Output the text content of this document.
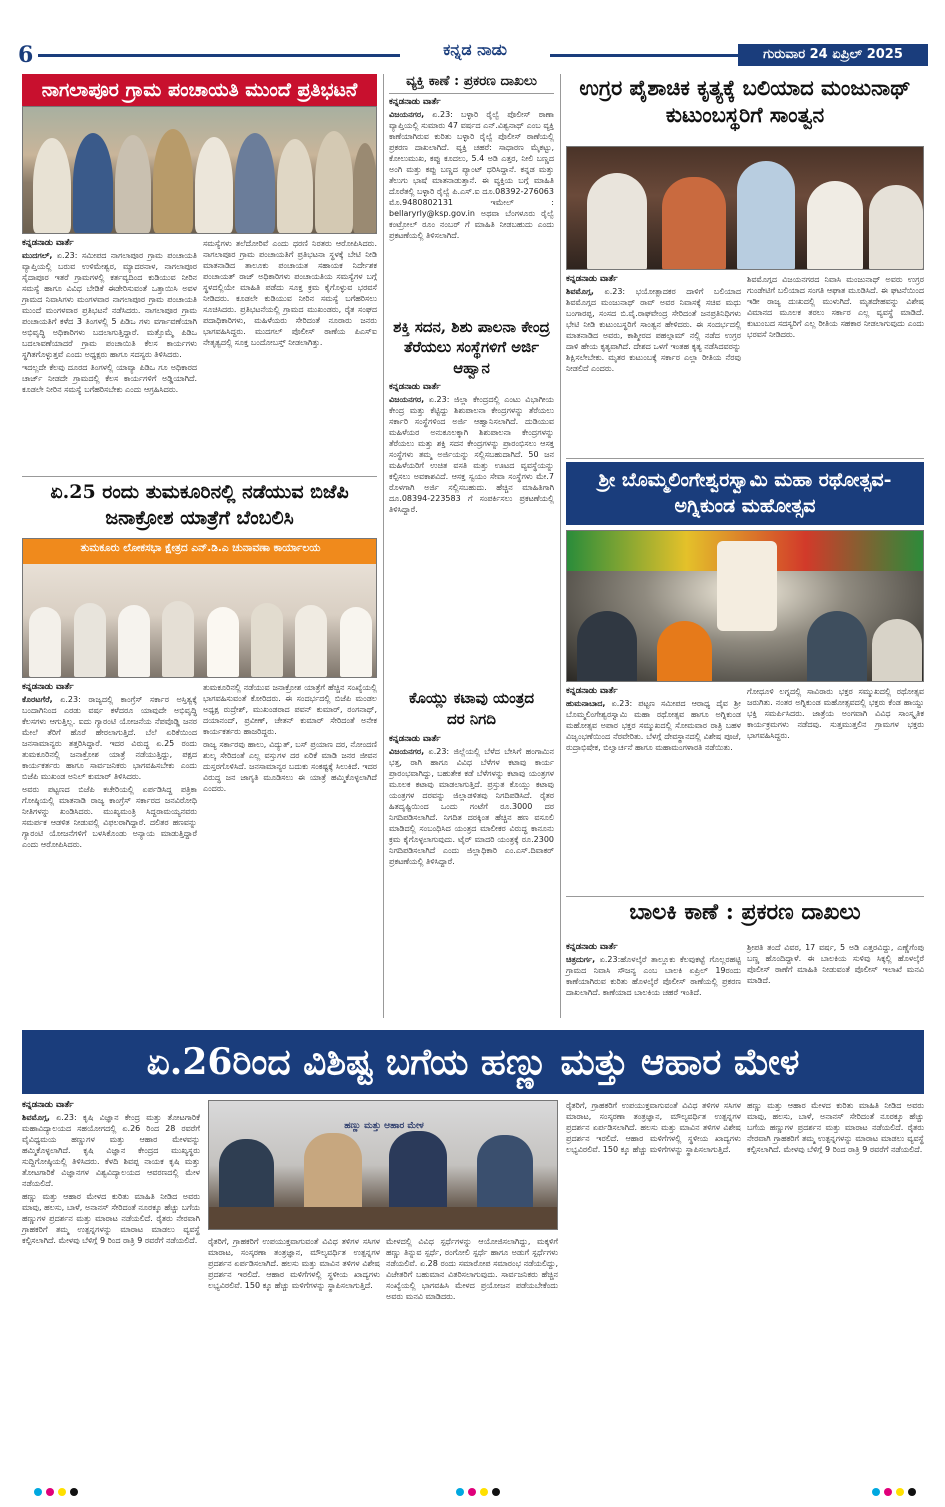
6	ಕನ್ನಡ ನಾಡು	ಗುರುವಾರ 24 ಏಪ್ರಿಲ್ 2025
ನಾಗಲಾಪೂರ ಗ್ರಾಮ ಪಂಚಾಯತಿ ಮುಂದೆ ಪ್ರತಿಭಟನೆ
ಕನ್ನಡನಾಡು ವಾರ್ತೆ
ಮುದಗಲ್, ಏ.23: ಸಮೀಪದ ನಾಗಲಾಪೂರ ಗ್ರಾಮ ಪಂಚಾಯತಿ ವ್ಯಾಪ್ತಿಯಲ್ಲಿ ಬರುವ ಉಳಿಮೇಶ್ವರ, ಮ್ಯಾದರನಾಳ, ನಾಗಲಾಪೂರ ಸೈದಾಪೂರ ಇತರೆ ಗ್ರಾಮಗಳಲ್ಲಿ ಕರ್ತವ್ಯದಿಂದ ಕುಡಿಯುವ ನೀರಿನ ಸಮಸ್ಯೆ ಹಾಗೂ ವಿವಿಧ ಬೇಡಿಕೆ ಈಡೇರಿಸುವಂತೆ ಒತ್ತಾಯಿಸಿ ಅವಳ ಗ್ರಾಮದ ನಿವಾಸಿಗಳು ಮಂಗಳವಾರ ನಾಗಲಾಪೂರ ಗ್ರಾಮ ಪಂಚಾಯತಿ ಮುಂದೆ ಮಂಗಳವಾರ ಪ್ರತಿಭಟನೆ ನಡೆಸಿದರು. ನಾಗಲಾಪೂರ ಗ್ರಾಮ ಪಂಚಾಯತಿಗೆ ಕಳೆದ 3 ತಿಂಗಳಲ್ಲಿ 5 ಪಿಡಿಒ ಗಳು ವರ್ಗಾವಣೆಯಾಗಿ ಅಭಿವೃದ್ಧಿ ಅಧಿಕಾರಿಗಳು ಬದಲಾಗುತ್ತಿದ್ದಾರೆ. ಮತ್ತೊಮ್ಮೆ ಪಿಡಿಒ ಬದಲಾವಣೆಯಾದರೆ ಗ್ರಾಮ ಪಂಚಾಯಿತಿ ಕೆಲಸ ಕಾರ್ಯಗಳು ಸ್ಥಗಿತಗೊಳ್ಳುತ್ತವೆ ಎಂದು ಅಧ್ಯಕ್ಷರು ಹಾಗೂ ಸದಸ್ಯರು ತಿಳಿಸಿದರು.
ಇದಲ್ಲದೇ ಕೆಲವು ದೂರದ ತಿಂಗಳಲ್ಲಿ ಯಾವ್ಯಾ ಪಿಡಿಒ ಗೂ ಅಧಿಕಾರದ ಚಾರ್ಜ್ ನೀಡದೇ ಗ್ರಾಮದಲ್ಲಿ ಕೆಲಸ ಕಾರ್ಯಗಳಿಗೆ ಅಡ್ಡಿಯಾಗಿದೆ. ಕೂಡಲೇ ನೀರಿನ ಸಮಸ್ಯೆ ಬಗೆಹರಿಸಬೇಕು ಎಂದು ಆಗ್ರಹಿಸಿದರು.
ಸಮಸ್ಯೆಗಳು ತಲೆದೋರಿವೆ ಎಂದು ಧರಣಿ ನಿರತರು ಆರೋಪಿಸಿದರು. ನಾಗಲಾಪೂರ ಗ್ರಾಮ ಪಂಚಾಯತಿಗೆ ಪ್ರತಿಭಟನಾ ಸ್ಥಳಕ್ಕೆ ಬೇಟಿ ನೀಡಿ ಮಾತನಾಡಿದ ತಾಲೂಕು ಪಂಚಾಯತ ಸಹಾಯಕ ನಿರ್ದೇಶಕ ಪಂಚಾಯತ್ ರಾಜ್ ಅಧಿಕಾರಿಗಳು ಪಂಚಾಯತಿಯ ಸಮಸ್ಯೆಗಳ ಬಗ್ಗೆ ಸ್ಥಳದಲ್ಲಿಯೇ ಮಾಹಿತಿ ಪಡೆದು ಸೂಕ್ತ ಕ್ರಮ ಕೈಗೊಳ್ಳುವ ಭರವಸೆ ನೀಡಿದರು. ಕೂಡಲೇ ಕುಡಿಯುವ ನೀರಿನ ಸಮಸ್ಯೆ ಬಗೆಹರಿಸಲು ಸೂಚಿಸಿದರು. ಪ್ರತಿಭಟನೆಯಲ್ಲಿ ಗ್ರಾಮದ ಮುಖಂಡರು, ರೈತ ಸಂಘದ ಪದಾಧಿಕಾರಿಗಳು, ಮಹಿಳೆಯರು ಸೇರಿದಂತೆ ನೂರಾರು ಜನರು ಭಾಗವಹಿಸಿದ್ದರು. ಮುದಗಲ್ ಪೊಲೀಸ್ ಠಾಣೆಯ ಪಿಎಸ್ಐ ನೇತೃತ್ವದಲ್ಲಿ ಸೂಕ್ತ ಬಂದೋಬಸ್ತ್ ನೀಡಲಾಗಿತ್ತು.
ವ್ಯಕ್ತಿ ಕಾಣೆ : ಪ್ರಕರಣ ದಾಖಲು
ಕನ್ನಡನಾಡು ವಾರ್ತೆ
ವಿಜಯನಗರ, ಏ.23: ಬಳ್ಳಾರಿ ರೈಲ್ವೆ ಪೊಲೀಸ್ ಠಾಣಾ ವ್ಯಾಪ್ತಿಯಲ್ಲಿ ಸುಮಾರು 47 ವರ್ಷದ ಎನ್.ವಿಶ್ವನಾಥ್ ಎಂಬ ವ್ಯಕ್ತಿ ಕಾಣೆಯಾಗಿರುವ ಕುರಿತು ಬಳ್ಳಾರಿ ರೈಲ್ವೆ ಪೊಲೀಸ್ ಠಾಣೆಯಲ್ಲಿ ಪ್ರಕರಣ ದಾಖಲಾಗಿದೆ. ವ್ಯಕ್ತಿ ಚಹರೆ: ಸಾಧಾರಣ ಮೈಕಟ್ಟು, ಕೋಲುಮುಖ, ಕಪ್ಪು ಕೂದಲು, 5.4 ಅಡಿ ಎತ್ತರ, ನೀಲಿ ಬಣ್ಣದ ಅಂಗಿ ಮತ್ತು ಕಪ್ಪು ಬಣ್ಣದ ಪ್ಯಾಂಟ್ ಧರಿಸಿದ್ದಾನೆ. ಕನ್ನಡ ಮತ್ತು ತೆಲುಗು ಭಾಷೆ ಮಾತನಾಡುತ್ತಾನೆ. ಈ ವ್ಯಕ್ತಿಯ ಬಗ್ಗೆ ಮಾಹಿತಿ ದೊರೆತಲ್ಲಿ ಬಳ್ಳಾರಿ ರೈಲ್ವೆ ಪಿ.ಎಸ್.ಐ ದೂ.08392-276063 ಮೊ.9480802131 ಇಮೇಲ್ : bellaryrly@ksp.gov.in ಅಥವಾ ಬೆಂಗಳೂರು ರೈಲ್ವೆ ಕಂಟ್ರೋಲ್ ರೂಂ ನಂಬರ್ ಗೆ ಮಾಹಿತಿ ನೀಡಬಹುದು ಎಂದು ಪ್ರಕಟಣೆಯಲ್ಲಿ ತಿಳಿಸಲಾಗಿದೆ.
ಶಕ್ತಿ ಸದನ, ಶಿಶು ಪಾಲನಾ ಕೇಂದ್ರ ತೆರೆಯಲು ಸಂಸ್ಥೆಗಳಿಗೆ ಅರ್ಜಿ ಆಹ್ವಾನ
ಕನ್ನಡನಾಡು ವಾರ್ತೆ
ವಿಜಯನಗರ, ಏ.23: ಜಿಲ್ಲಾ ಕೇಂದ್ರದಲ್ಲಿ ಎಂಟು ವಿಭಾಗೀಯ ಕೇಂದ್ರ ಮತ್ತು ಕೆಟ್ಟಿದ್ದು ಶಿಶುಪಾಲನಾ ಕೇಂದ್ರಗಳನ್ನು ತೆರೆಯಲು ಸರ್ಕಾರಿ ಸಂಸ್ಥೆಗಳಿಂದ ಅರ್ಜಿ ಆಹ್ವಾನಿಸಲಾಗಿದೆ. ದುಡಿಯುವ ಮಹಿಳೆಯರ ಅನುಕೂಲಕ್ಕಾಗಿ ಶಿಶುಪಾಲನಾ ಕೇಂದ್ರಗಳನ್ನು ತೆರೆಯಲು ಮತ್ತು ಶಕ್ತಿ ಸದನ ಕೇಂದ್ರಗಳನ್ನು ಪ್ರಾರಂಭಿಸಲು ಆಸಕ್ತ ಸಂಸ್ಥೆಗಳು ತಮ್ಮ ಅರ್ಜಿಯನ್ನು ಸಲ್ಲಿಸಬಹುದಾಗಿದೆ. 50 ಜನ ಮಹಿಳೆಯರಿಗೆ ಉಚಿತ ವಸತಿ ಮತ್ತು ಊಟದ ವ್ಯವಸ್ಥೆಯನ್ನು ಕಲ್ಪಿಸಲು ಅವಕಾಶವಿದೆ. ಆಸಕ್ತ ಸ್ವಯಂ ಸೇವಾ ಸಂಸ್ಥೆಗಳು ಮೇ.7 ರೊಳಗಾಗಿ ಅರ್ಜಿ ಸಲ್ಲಿಸಬಹುದು. ಹೆಚ್ಚಿನ ಮಾಹಿತಿಗಾಗಿ ದೂ.08394-223583 ಗೆ ಸಂಪರ್ಕಿಸಲು ಪ್ರಕಟಣೆಯಲ್ಲಿ ತಿಳಿಸಿದ್ದಾರೆ.
ಕೊಯ್ಲು ಕಟಾವು ಯಂತ್ರದ ದರ ನಿಗದಿ
ಕನ್ನಡನಾಡು ವಾರ್ತೆ
ವಿಜಯನಗರ, ಏ.23: ಜಿಲ್ಲೆಯಲ್ಲಿ ಬೆಳೆದ ಬೇಸಿಗೆ ಹಂಗಾಮಿನ ಭತ್ತ, ರಾಗಿ ಹಾಗೂ ವಿವಿಧ ಬೆಳೆಗಳ ಕಟಾವು ಕಾರ್ಯ ಪ್ರಾರಂಭವಾಗಿದ್ದು, ಬಹುತೇಕ ಕಡೆ ಬೆಳೆಗಳನ್ನು ಕಟಾವು ಯಂತ್ರಗಳ ಮೂಲಕ ಕಟಾವು ಮಾಡಲಾಗುತ್ತಿದೆ. ಪ್ರಸ್ತುತ ಕೊಯ್ಲು ಕಟಾವು ಯಂತ್ರಗಳ ದರವನ್ನು ಜಿಲ್ಲಾಡಳಿತವು ನಿಗದಿಪಡಿಸಿದೆ. ರೈತರ ಹಿತದೃಷ್ಟಿಯಿಂದ ಒಂದು ಗಂಟೆಗೆ ರೂ.3000 ದರ ನಿಗದಿಪಡಿಸಲಾಗಿದೆ. ನಿಗದಿತ ದರಕ್ಕಿಂತ ಹೆಚ್ಚಿನ ಹಣ ವಸೂಲಿ ಮಾಡಿದಲ್ಲಿ ಸಂಬಂಧಿಸಿದ ಯಂತ್ರದ ಮಾಲೀಕರ ವಿರುದ್ಧ ಕಾನೂನು ಕ್ರಮ ಕೈಗೊಳ್ಳಲಾಗುವುದು. ಟೈರ್ ಮಾದರಿ ಯಂತ್ರಕ್ಕೆ ರೂ.2300 ನಿಗದಿಪಡಿಸಲಾಗಿದೆ ಎಂದು ಜಿಲ್ಲಾಧಿಕಾರಿ ಎಂ.ಎಸ್.ದಿವಾಕರ್ ಪ್ರಕಟಣೆಯಲ್ಲಿ ತಿಳಿಸಿದ್ದಾರೆ.
ಉಗ್ರರ ಪೈಶಾಚಿಕ ಕೃತ್ಯಕ್ಕೆ ಬಲಿಯಾದ ಮಂಜುನಾಥ್ ಕುಟುಂಬಸ್ಥರಿಗೆ ಸಾಂತ್ವನ
ಕನ್ನಡನಾಡು ವಾರ್ತೆ
ಶಿವಮೊಗ್ಗ, ಏ.23: ಭಯೋತ್ಪಾದಕರ ದಾಳಿಗೆ ಬಲಿಯಾದ ಶಿವಮೊಗ್ಗದ ಮಂಜುನಾಥ್ ರಾವ್ ಅವರ ನಿವಾಸಕ್ಕೆ ಸಚಿವ ಮಧು ಬಂಗಾರಪ್ಪ, ಸಂಸದ ಬಿ.ವೈ.ರಾಘವೇಂದ್ರ ಸೇರಿದಂತೆ ಜನಪ್ರತಿನಿಧಿಗಳು ಭೇಟಿ ನೀಡಿ ಕುಟುಂಬಸ್ಥರಿಗೆ ಸಾಂತ್ವನ ಹೇಳಿದರು. ಈ ಸಂದರ್ಭದಲ್ಲಿ ಮಾತನಾಡಿದ ಅವರು, ಕಾಶ್ಮೀರದ ಪಹಲ್ಗಾಮ್ ನಲ್ಲಿ ನಡೆದ ಉಗ್ರರ ದಾಳಿ ಹೇಯ ಕೃತ್ಯವಾಗಿದೆ. ದೇಶದ ಒಳಗೆ ಇಂತಹ ಕೃತ್ಯ ನಡೆಸಿದವರನ್ನು ಶಿಕ್ಷಿಸಲೇಬೇಕು. ಮೃತರ ಕುಟುಂಬಕ್ಕೆ ಸರ್ಕಾರ ಎಲ್ಲಾ ರೀತಿಯ ನೆರವು ನೀಡಲಿದೆ ಎಂದರು.
ಶಿವಮೊಗ್ಗದ ವಿಜಯನಗರದ ನಿವಾಸಿ ಮಂಜುನಾಥ್ ಅವರು ಉಗ್ರರ ಗುಂಡೇಟಿಗೆ ಬಲಿಯಾದ ಸಂಗತಿ ಆಘಾತ ಮೂಡಿಸಿದೆ. ಈ ಘಟನೆಯಿಂದ ಇಡೀ ರಾಜ್ಯ ದುಃಖದಲ್ಲಿ ಮುಳುಗಿದೆ. ಮೃತದೇಹವನ್ನು ವಿಶೇಷ ವಿಮಾನದ ಮೂಲಕ ತರಲು ಸರ್ಕಾರ ಎಲ್ಲ ವ್ಯವಸ್ಥೆ ಮಾಡಿದೆ. ಕುಟುಂಬದ ಸದಸ್ಯರಿಗೆ ಎಲ್ಲ ರೀತಿಯ ಸಹಕಾರ ನೀಡಲಾಗುವುದು ಎಂದು ಭರವಸೆ ನೀಡಿದರು.
ಶ್ರೀ ಬೊಮ್ಮಲಿಂಗೇಶ್ವರಸ್ವಾಮಿ ಮಹಾ ರಥೋತ್ಸವ-ಅಗ್ನಿಕುಂಡ ಮಹೋತ್ಸವ
ಕನ್ನಡನಾಡು ವಾರ್ತೆ
ಹುಮನಾಬಾದ, ಏ.23: ಪಟ್ಟಣ ಸಮೀಪದ ಆರಾಧ್ಯ ದೈವ ಶ್ರೀ ಬೊಮ್ಮಲಿಂಗೇಶ್ವರಸ್ವಾಮಿ ಮಹಾ ರಥೋತ್ಸವ ಹಾಗೂ ಅಗ್ನಿಕುಂಡ ಮಹೋತ್ಸವ ಅಪಾರ ಭಕ್ತರ ಸಮ್ಮುಖದಲ್ಲಿ ಸೋಮವಾರ ರಾತ್ರಿ ಬಹಳ ವಿಜೃಂಭಣೆಯಿಂದ ನೆರವೇರಿತು. ಬೆಳಗ್ಗೆ ದೇವಸ್ಥಾನದಲ್ಲಿ ವಿಶೇಷ ಪೂಜೆ, ರುದ್ರಾಭಿಷೇಕ, ಬಿಲ್ವಾರ್ಚನೆ ಹಾಗೂ ಮಹಾಮಂಗಳಾರತಿ ನಡೆಯಿತು.
ಗೋಧೂಳಿ ಲಗ್ನದಲ್ಲಿ ಸಾವಿರಾರು ಭಕ್ತರ ಸಮ್ಮುಖದಲ್ಲಿ ರಥೋತ್ಸವ ಜರುಗಿತು. ನಂತರ ಅಗ್ನಿಕುಂಡ ಮಹೋತ್ಸವದಲ್ಲಿ ಭಕ್ತರು ಕೆಂಡ ಹಾಯ್ದು ಭಕ್ತಿ ಸಮರ್ಪಿಸಿದರು. ಜಾತ್ರೆಯ ಅಂಗವಾಗಿ ವಿವಿಧ ಸಾಂಸ್ಕೃತಿಕ ಕಾರ್ಯಕ್ರಮಗಳು ನಡೆದವು. ಸುತ್ತಮುತ್ತಲಿನ ಗ್ರಾಮಗಳ ಭಕ್ತರು ಭಾಗವಹಿಸಿದ್ದರು.
ಬಾಲಕಿ ಕಾಣೆ : ಪ್ರಕರಣ ದಾಖಲು
ಕನ್ನಡನಾಡು ವಾರ್ತೆ
ಚಿತ್ರದುರ್ಗ, ಏ.23:ಹೊಳಲ್ಕೆರೆ ತಾಲ್ಲೂಕು ಕೆಲವುಕಟ್ಟೆ ಗೊಲ್ಲರಹಟ್ಟಿ ಗ್ರಾಮದ ನಿವಾಸಿ ಸೌಜನ್ಯ ಎಂಬ ಬಾಲಕಿ ಏಪ್ರಿಲ್ 19ರಂದು ಕಾಣೆಯಾಗಿರುವ ಕುರಿತು ಹೊಳಲ್ಕೆರೆ ಪೊಲೀಸ್ ಠಾಣೆಯಲ್ಲಿ ಪ್ರಕರಣ ದಾಖಲಾಗಿದೆ. ಕಾಣೆಯಾದ ಬಾಲಕಿಯ ಚಹರೆ ಇಂತಿದೆ.
ಶ್ರೀಪತಿ ತಂದೆ ವಿವರ, 17 ವರ್ಷ, 5 ಅಡಿ ಎತ್ತರವಿದ್ದು, ಎಣ್ಣೆಗೆಂಪು ಬಣ್ಣ ಹೊಂದಿದ್ದಾಳೆ. ಈ ಬಾಲಕಿಯ ಸುಳಿವು ಸಿಕ್ಕಲ್ಲಿ ಹೊಳಲ್ಕೆರೆ ಪೊಲೀಸ್ ಠಾಣೆಗೆ ಮಾಹಿತಿ ನೀಡುವಂತೆ ಪೊಲೀಸ್ ಇಲಾಖೆ ಮನವಿ ಮಾಡಿದೆ.
ಏ.25 ರಂದು ತುಮಕೂರಿನಲ್ಲಿ ನಡೆಯುವ ಬಿಜೆಪಿ ಜನಾಕ್ರೋಶ ಯಾತ್ರೆಗೆ ಬೆಂಬಲಿಸಿ
ತುಮಕೂರು ಲೋಕಸಭಾ ಕ್ಷೇತ್ರದ ಎನ್.ಡಿ.ಎ ಚುನಾವಣಾ ಕಾರ್ಯಾಲಯ
ಕನ್ನಡನಾಡು ವಾರ್ತೆ
ಕೊರಟಗೆರೆ, ಏ.23: ರಾಜ್ಯದಲ್ಲಿ ಕಾಂಗ್ರೆಸ್ ಸರ್ಕಾರ ಅಸ್ತಿತ್ವಕ್ಕೆ ಬಂದಾಗಿನಿಂದ ಎರಡು ವರ್ಷ ಕಳೆದರೂ ಯಾವುದೇ ಅಭಿವೃದ್ಧಿ ಕೆಲಸಗಳು ಆಗುತ್ತಿಲ್ಲ. ಐದು ಗ್ಯಾರಂಟಿ ಯೋಜನೆಯ ನೆಪವೊಡ್ಡಿ ಜನರ ಮೇಲೆ ತೆರಿಗೆ ಹೊರೆ ಹೇರಲಾಗುತ್ತಿದೆ. ಬೆಲೆ ಏರಿಕೆಯಿಂದ ಜನಸಾಮಾನ್ಯರು ತತ್ತರಿಸಿದ್ದಾರೆ. ಇದರ ವಿರುದ್ಧ ಏ.25 ರಂದು ತುಮಕೂರಿನಲ್ಲಿ ಜನಾಕ್ರೋಶ ಯಾತ್ರೆ ನಡೆಯುತ್ತಿದ್ದು, ಪಕ್ಷದ ಕಾರ್ಯಕರ್ತರು ಹಾಗೂ ಸಾರ್ವಜನಿಕರು ಭಾಗವಹಿಸಬೇಕು ಎಂದು ಬಿಜೆಪಿ ಮುಖಂಡ ಅನಿಲ್ ಕುಮಾರ್ ತಿಳಿಸಿದರು.
ಅವರು ಪಟ್ಟಣದ ಬಿಜೆಪಿ ಕಚೇರಿಯಲ್ಲಿ ಏರ್ಪಡಿಸಿದ್ದ ಪತ್ರಿಕಾ ಗೋಷ್ಠಿಯಲ್ಲಿ ಮಾತನಾಡಿ ರಾಜ್ಯ ಕಾಂಗ್ರೆಸ್ ಸರ್ಕಾರದ ಜನವಿರೋಧಿ ನೀತಿಗಳನ್ನು ಖಂಡಿಸಿದರು. ಮುಖ್ಯಮಂತ್ರಿ ಸಿದ್ದರಾಮಯ್ಯನವರು ಸಮರ್ಪಕ ಆಡಳಿತ ನೀಡುವಲ್ಲಿ ವಿಫಲರಾಗಿದ್ದಾರೆ. ದಲಿತರ ಹಣವನ್ನು ಗ್ಯಾರಂಟಿ ಯೋಜನೆಗಳಿಗೆ ಬಳಸಿಕೊಂಡು ಅನ್ಯಾಯ ಮಾಡುತ್ತಿದ್ದಾರೆ ಎಂದು ಆರೋಪಿಸಿದರು.
ತುಮಕೂರಿನಲ್ಲಿ ನಡೆಯುವ ಜನಾಕ್ರೋಶ ಯಾತ್ರೆಗೆ ಹೆಚ್ಚಿನ ಸಂಖ್ಯೆಯಲ್ಲಿ ಭಾಗವಹಿಸುವಂತೆ ಕೋರಿದರು. ಈ ಸಂದರ್ಭದಲ್ಲಿ ಬಿಜೆಪಿ ಮಂಡಲ ಅಧ್ಯಕ್ಷ ರುದ್ರೇಶ್, ಮುಖಂಡರಾದ ಪವನ್ ಕುಮಾರ್, ರಂಗನಾಥ್, ದಯಾನಂದ್, ಪ್ರವೀಣ್, ಚೇತನ್ ಕುಮಾರ್ ಸೇರಿದಂತೆ ಅನೇಕ ಕಾರ್ಯಕರ್ತರು ಹಾಜರಿದ್ದರು.
ರಾಜ್ಯ ಸರ್ಕಾರವು ಹಾಲು, ವಿದ್ಯುತ್, ಬಸ್ ಪ್ರಯಾಣ ದರ, ನೋಂದಣಿ ಶುಲ್ಕ ಸೇರಿದಂತೆ ಎಲ್ಲ ವಸ್ತುಗಳ ದರ ಏರಿಕೆ ಮಾಡಿ ಜನರ ಜೀವನ ದುಸ್ತರಗೊಳಿಸಿದೆ. ಜನಸಾಮಾನ್ಯರ ಬದುಕು ಸಂಕಷ್ಟಕ್ಕೆ ಸಿಲುಕಿದೆ. ಇದರ ವಿರುದ್ಧ ಜನ ಜಾಗೃತಿ ಮೂಡಿಸಲು ಈ ಯಾತ್ರೆ ಹಮ್ಮಿಕೊಳ್ಳಲಾಗಿದೆ ಎಂದರು.
ಏ.26ರಿಂದ ವಿಶಿಷ್ಟ ಬಗೆಯ ಹಣ್ಣು ಮತ್ತು ಆಹಾರ ಮೇಳ
ಕನ್ನಡನಾಡು ವಾರ್ತೆ
ಶಿವಮೊಗ್ಗ, ಏ.23: ಕೃಷಿ ವಿಜ್ಞಾನ ಕೇಂದ್ರ ಮತ್ತು ತೋಟಗಾರಿಕೆ ಮಹಾವಿದ್ಯಾಲಯದ ಸಹಯೋಗದಲ್ಲಿ ಏ.26 ರಿಂದ 28 ರವರೆಗೆ ವೈವಿಧ್ಯಮಯ ಹಣ್ಣುಗಳ ಮತ್ತು ಆಹಾರ ಮೇಳವನ್ನು ಹಮ್ಮಿಕೊಳ್ಳಲಾಗಿದೆ. ಕೃಷಿ ವಿಜ್ಞಾನ ಕೇಂದ್ರದ ಮುಖ್ಯಸ್ಥರು ಸುದ್ದಿಗೋಷ್ಠಿಯಲ್ಲಿ ತಿಳಿಸಿದರು. ಕೆಳದಿ ಶಿವಪ್ಪ ನಾಯಕ ಕೃಷಿ ಮತ್ತು ತೋಟಗಾರಿಕೆ ವಿಜ್ಞಾನಗಳ ವಿಶ್ವವಿದ್ಯಾಲಯದ ಆವರಣದಲ್ಲಿ ಮೇಳ ನಡೆಯಲಿದೆ.
ಹಣ್ಣು ಮತ್ತು ಆಹಾರ ಮೇಳದ ಕುರಿತು ಮಾಹಿತಿ ನೀಡಿದ ಅವರು ಮಾವು, ಹಲಸು, ಬಾಳೆ, ಅನಾನಸ್ ಸೇರಿದಂತೆ ನೂರಕ್ಕೂ ಹೆಚ್ಚು ಬಗೆಯ ಹಣ್ಣುಗಳ ಪ್ರದರ್ಶನ ಮತ್ತು ಮಾರಾಟ ನಡೆಯಲಿದೆ. ರೈತರು ನೇರವಾಗಿ ಗ್ರಾಹಕರಿಗೆ ತಮ್ಮ ಉತ್ಪನ್ನಗಳನ್ನು ಮಾರಾಟ ಮಾಡಲು ವ್ಯವಸ್ಥೆ ಕಲ್ಪಿಸಲಾಗಿದೆ. ಮೇಳವು ಬೆಳಿಗ್ಗೆ 9 ರಿಂದ ರಾತ್ರಿ 9 ರವರೆಗೆ ನಡೆಯಲಿದೆ.
ಹಣ್ಣು ಮತ್ತು ಆಹಾರ ಮೇಳ
ರೈತರಿಗೆ, ಗ್ರಾಹಕರಿಗೆ ಉಪಯುಕ್ತವಾಗುವಂತೆ ವಿವಿಧ ತಳಿಗಳ ಸಸಿಗಳ ಮಾರಾಟ, ಸಂಸ್ಕರಣಾ ತಂತ್ರಜ್ಞಾನ, ಮೌಲ್ಯವರ್ಧಿತ ಉತ್ಪನ್ನಗಳ ಪ್ರದರ್ಶನ ಏರ್ಪಡಿಸಲಾಗಿದೆ. ಹಲಸು ಮತ್ತು ಮಾವಿನ ತಳಿಗಳ ವಿಶೇಷ ಪ್ರದರ್ಶನ ಇರಲಿದೆ. ಆಹಾರ ಮಳಿಗೆಗಳಲ್ಲಿ ಸ್ಥಳೀಯ ಖಾದ್ಯಗಳು ಲಭ್ಯವಿರಲಿವೆ. 150 ಕ್ಕೂ ಹೆಚ್ಚು ಮಳಿಗೆಗಳನ್ನು ಸ್ಥಾಪಿಸಲಾಗುತ್ತಿದೆ.
ಮೇಳದಲ್ಲಿ ವಿವಿಧ ಸ್ಪರ್ಧೆಗಳನ್ನು ಆಯೋಜಿಸಲಾಗಿದ್ದು, ಮಕ್ಕಳಿಗೆ ಹಣ್ಣು ತಿನ್ನುವ ಸ್ಪರ್ಧೆ, ರಂಗೋಲಿ ಸ್ಪರ್ಧೆ ಹಾಗೂ ಅಡುಗೆ ಸ್ಪರ್ಧೆಗಳು ನಡೆಯಲಿವೆ. ಏ.28 ರಂದು ಸಮಾರೋಪ ಸಮಾರಂಭ ನಡೆಯಲಿದ್ದು, ವಿಜೇತರಿಗೆ ಬಹುಮಾನ ವಿತರಿಸಲಾಗುವುದು. ಸಾರ್ವಜನಿಕರು ಹೆಚ್ಚಿನ ಸಂಖ್ಯೆಯಲ್ಲಿ ಭಾಗವಹಿಸಿ ಮೇಳದ ಪ್ರಯೋಜನ ಪಡೆಯಬೇಕೆಂದು ಅವರು ಮನವಿ ಮಾಡಿದರು.
ರೈತರಿಗೆ, ಗ್ರಾಹಕರಿಗೆ ಉಪಯುಕ್ತವಾಗುವಂತೆ ವಿವಿಧ ತಳಿಗಳ ಸಸಿಗಳ ಮಾರಾಟ, ಸಂಸ್ಕರಣಾ ತಂತ್ರಜ್ಞಾನ, ಮೌಲ್ಯವರ್ಧಿತ ಉತ್ಪನ್ನಗಳ ಪ್ರದರ್ಶನ ಏರ್ಪಡಿಸಲಾಗಿದೆ. ಹಲಸು ಮತ್ತು ಮಾವಿನ ತಳಿಗಳ ವಿಶೇಷ ಪ್ರದರ್ಶನ ಇರಲಿದೆ. ಆಹಾರ ಮಳಿಗೆಗಳಲ್ಲಿ ಸ್ಥಳೀಯ ಖಾದ್ಯಗಳು ಲಭ್ಯವಿರಲಿವೆ. 150 ಕ್ಕೂ ಹೆಚ್ಚು ಮಳಿಗೆಗಳನ್ನು ಸ್ಥಾಪಿಸಲಾಗುತ್ತಿದೆ.
ಹಣ್ಣು ಮತ್ತು ಆಹಾರ ಮೇಳದ ಕುರಿತು ಮಾಹಿತಿ ನೀಡಿದ ಅವರು ಮಾವು, ಹಲಸು, ಬಾಳೆ, ಅನಾನಸ್ ಸೇರಿದಂತೆ ನೂರಕ್ಕೂ ಹೆಚ್ಚು ಬಗೆಯ ಹಣ್ಣುಗಳ ಪ್ರದರ್ಶನ ಮತ್ತು ಮಾರಾಟ ನಡೆಯಲಿದೆ. ರೈತರು ನೇರವಾಗಿ ಗ್ರಾಹಕರಿಗೆ ತಮ್ಮ ಉತ್ಪನ್ನಗಳನ್ನು ಮಾರಾಟ ಮಾಡಲು ವ್ಯವಸ್ಥೆ ಕಲ್ಪಿಸಲಾಗಿದೆ. ಮೇಳವು ಬೆಳಿಗ್ಗೆ 9 ರಿಂದ ರಾತ್ರಿ 9 ರವರೆಗೆ ನಡೆಯಲಿದೆ.
